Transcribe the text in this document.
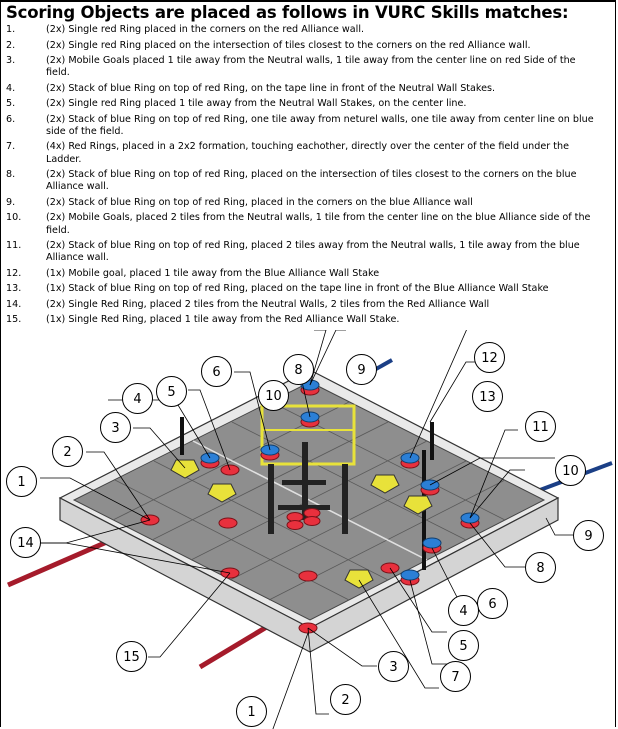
Scoring Objects are placed as follows in VURC Skills matches:
1.	(2x) Single red Ring placed in the corners on the red Alliance wall.
2.	(2x) Single red Ring placed on the intersection of tiles closest to the corners on the red Alliance wall.
3.	(2x) Mobile Goals placed 1 tile away from the Neutral walls, 1 tile away from the center line on red Side of the field.
4.	(2x) Stack of blue Ring on top of red Ring, on the tape line in front of the Neutral Wall Stakes.
5.	(2x) Single red Ring placed 1 tile away from the Neutral Wall Stakes, on the center line.
6.	(2x) Stack of blue Ring on top of red Ring, one tile away from neturel walls, one tile away from center line on blue side of the field.
7.	(4x) Red Rings, placed in a 2x2 formation, touching eachother, directly over the center of the field under the Ladder.
8.	(2x) Stack of blue Ring on top of red Ring, placed on the intersection of tiles closest to the corners on the blue Alliance wall.
9.	(2x) Stack of blue Ring on top of red Ring, placed in the corners on the blue Alliance wall
10.	(2x) Mobile Goals, placed 2 tiles from the Neutral walls, 1 tile from the center line on the blue Alliance side of the field.
11.	(2x) Stack of blue Ring on top of red Ring, placed 2 tiles away from the Neutral walls, 1 tile away from the blue Alliance wall.
12.	(1x) Mobile goal, placed 1 tile away from the Blue Alliance Wall Stake
13.	(1x) Stack of blue Ring on top of red Ring, placed on the tape line in front of the Blue Alliance Wall Stake
14.	(2x) Single Red Ring, placed 2 tiles from the Neutral Walls, 2 tiles from the Red Alliance Wall
15.	(1x) Single Red Ring, placed 1 tile away from the Red Alliance Wall Stake.
1
2
3
4	5
6	8	9
10
12
13
11
10
9
8
6
4
5
7
3
2
1
14
15
